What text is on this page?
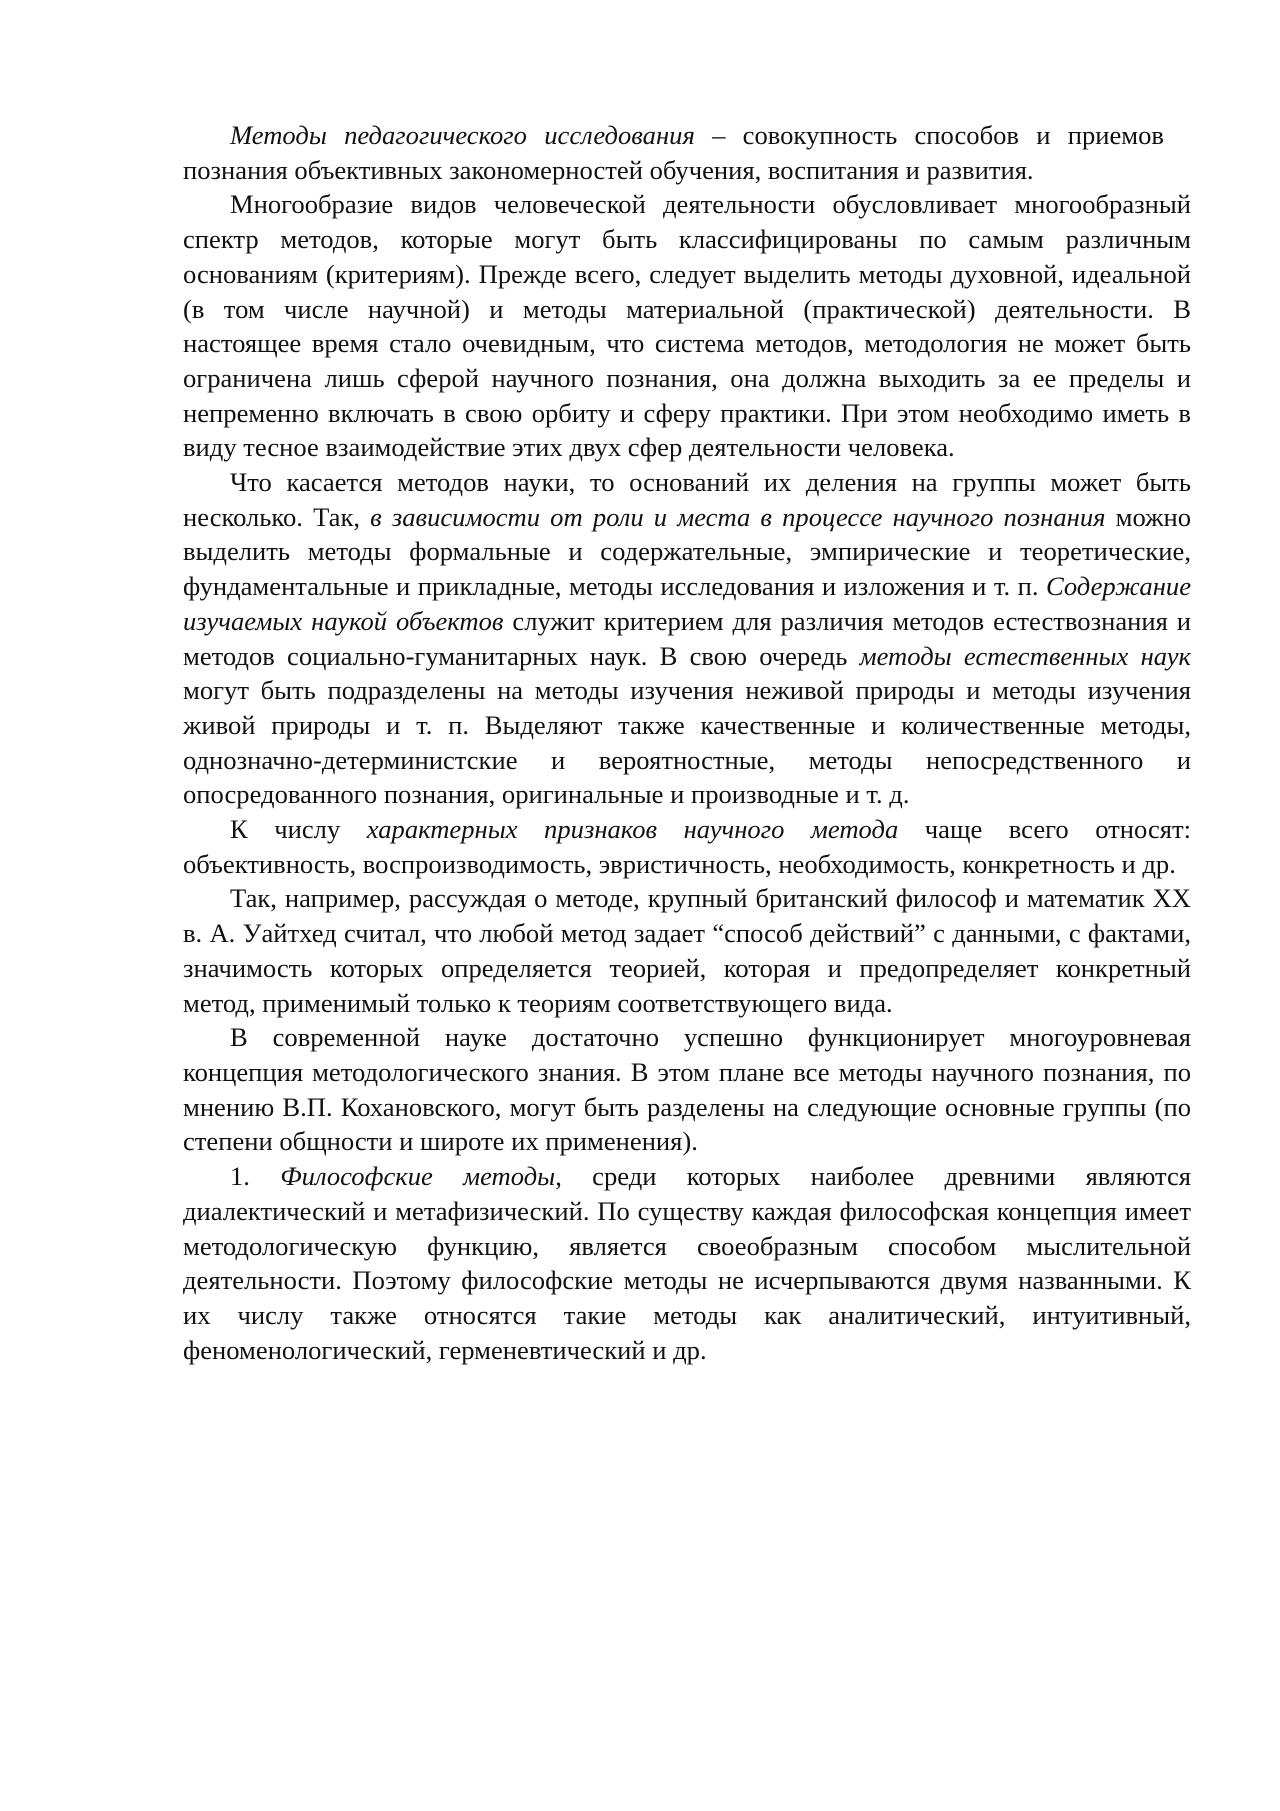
Методы педагогического исследования – совокупность способов и приемов познания объективных закономерностей обучения, воспитания и развития.

Многообразие видов человеческой деятельности обусловливает многообразный спектр методов, которые могут быть классифицированы по самым различным основаниям (критериям). Прежде всего, следует выделить методы духовной, идеальной (в том числе научной) и методы материальной (практической) деятельности. В настоящее время стало очевидным, что система методов, методология не может быть ограничена лишь сферой научного познания, она должна выходить за ее пределы и непременно включать в свою орбиту и сферу практики. При этом необходимо иметь в виду тесное взаимодействие этих двух сфер деятельности человека.

Что касается методов науки, то оснований их деления на группы может быть несколько. Так, в зависимости от роли и места в процессе научного познания можно выделить методы формальные и содержательные, эмпирические и теоретические, фундаментальные и прикладные, методы исследования и изложения и т. п. Содержание изучаемых наукой объектов служит критерием для различия методов естествознания и методов социально-гуманитарных наук. В свою очередь методы естественных наук могут быть подразделены на методы изучения неживой природы и методы изучения живой природы и т. п. Выделяют также качественные и количественные методы, однозначно-детерминистские и вероятностные, методы непосредственного и опосредованного познания, оригинальные и производные и т. д.

К числу характерных признаков научного метода чаще всего относят: объективность, воспроизводимость, эвристичность, необходимость, конкретность и др.

Так, например, рассуждая о методе, крупный британский философ и математик XX в. А. Уайтхед считал, что любой метод задает “способ действий” с данными, с фактами, значимость которых определяется теорией, которая и предопределяет конкретный метод, применимый только к теориям соответствующего вида.

В современной науке достаточно успешно функционирует многоуровневая концепция методологического знания. В этом плане все методы научного познания, по мнению В.П. Кохановского, могут быть разделены на следующие основные группы (по степени общности и широте их применения).

1. Философские методы, среди которых наиболее древними являются диалектический и метафизический. По существу каждая философская концепция имеет методологическую функцию, является своеобразным способом мыслительной деятельности. Поэтому философские методы не исчерпываются двумя названными. К их числу также относятся такие методы как аналитический, интуитивный, феноменологический, герменевтический и др.
